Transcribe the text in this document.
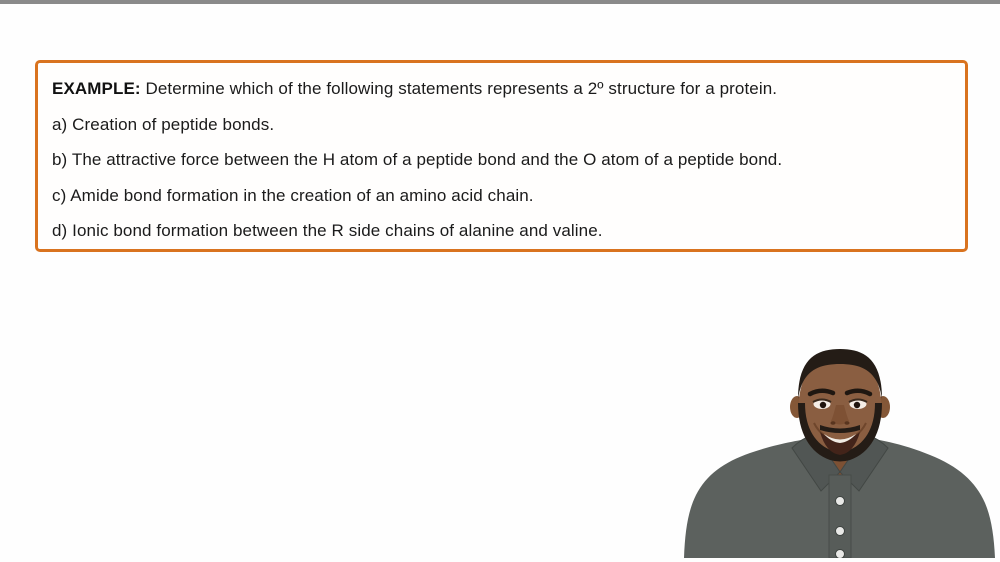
EXAMPLE: Determine which of the following statements represents a 2º structure for a protein.

a) Creation of peptide bonds.

b) The attractive force between the H atom of a peptide bond and the O atom of a peptide bond.

c) Amide bond formation in the creation of an amino acid chain.

d) Ionic bond formation between the R side chains of alanine and valine.
